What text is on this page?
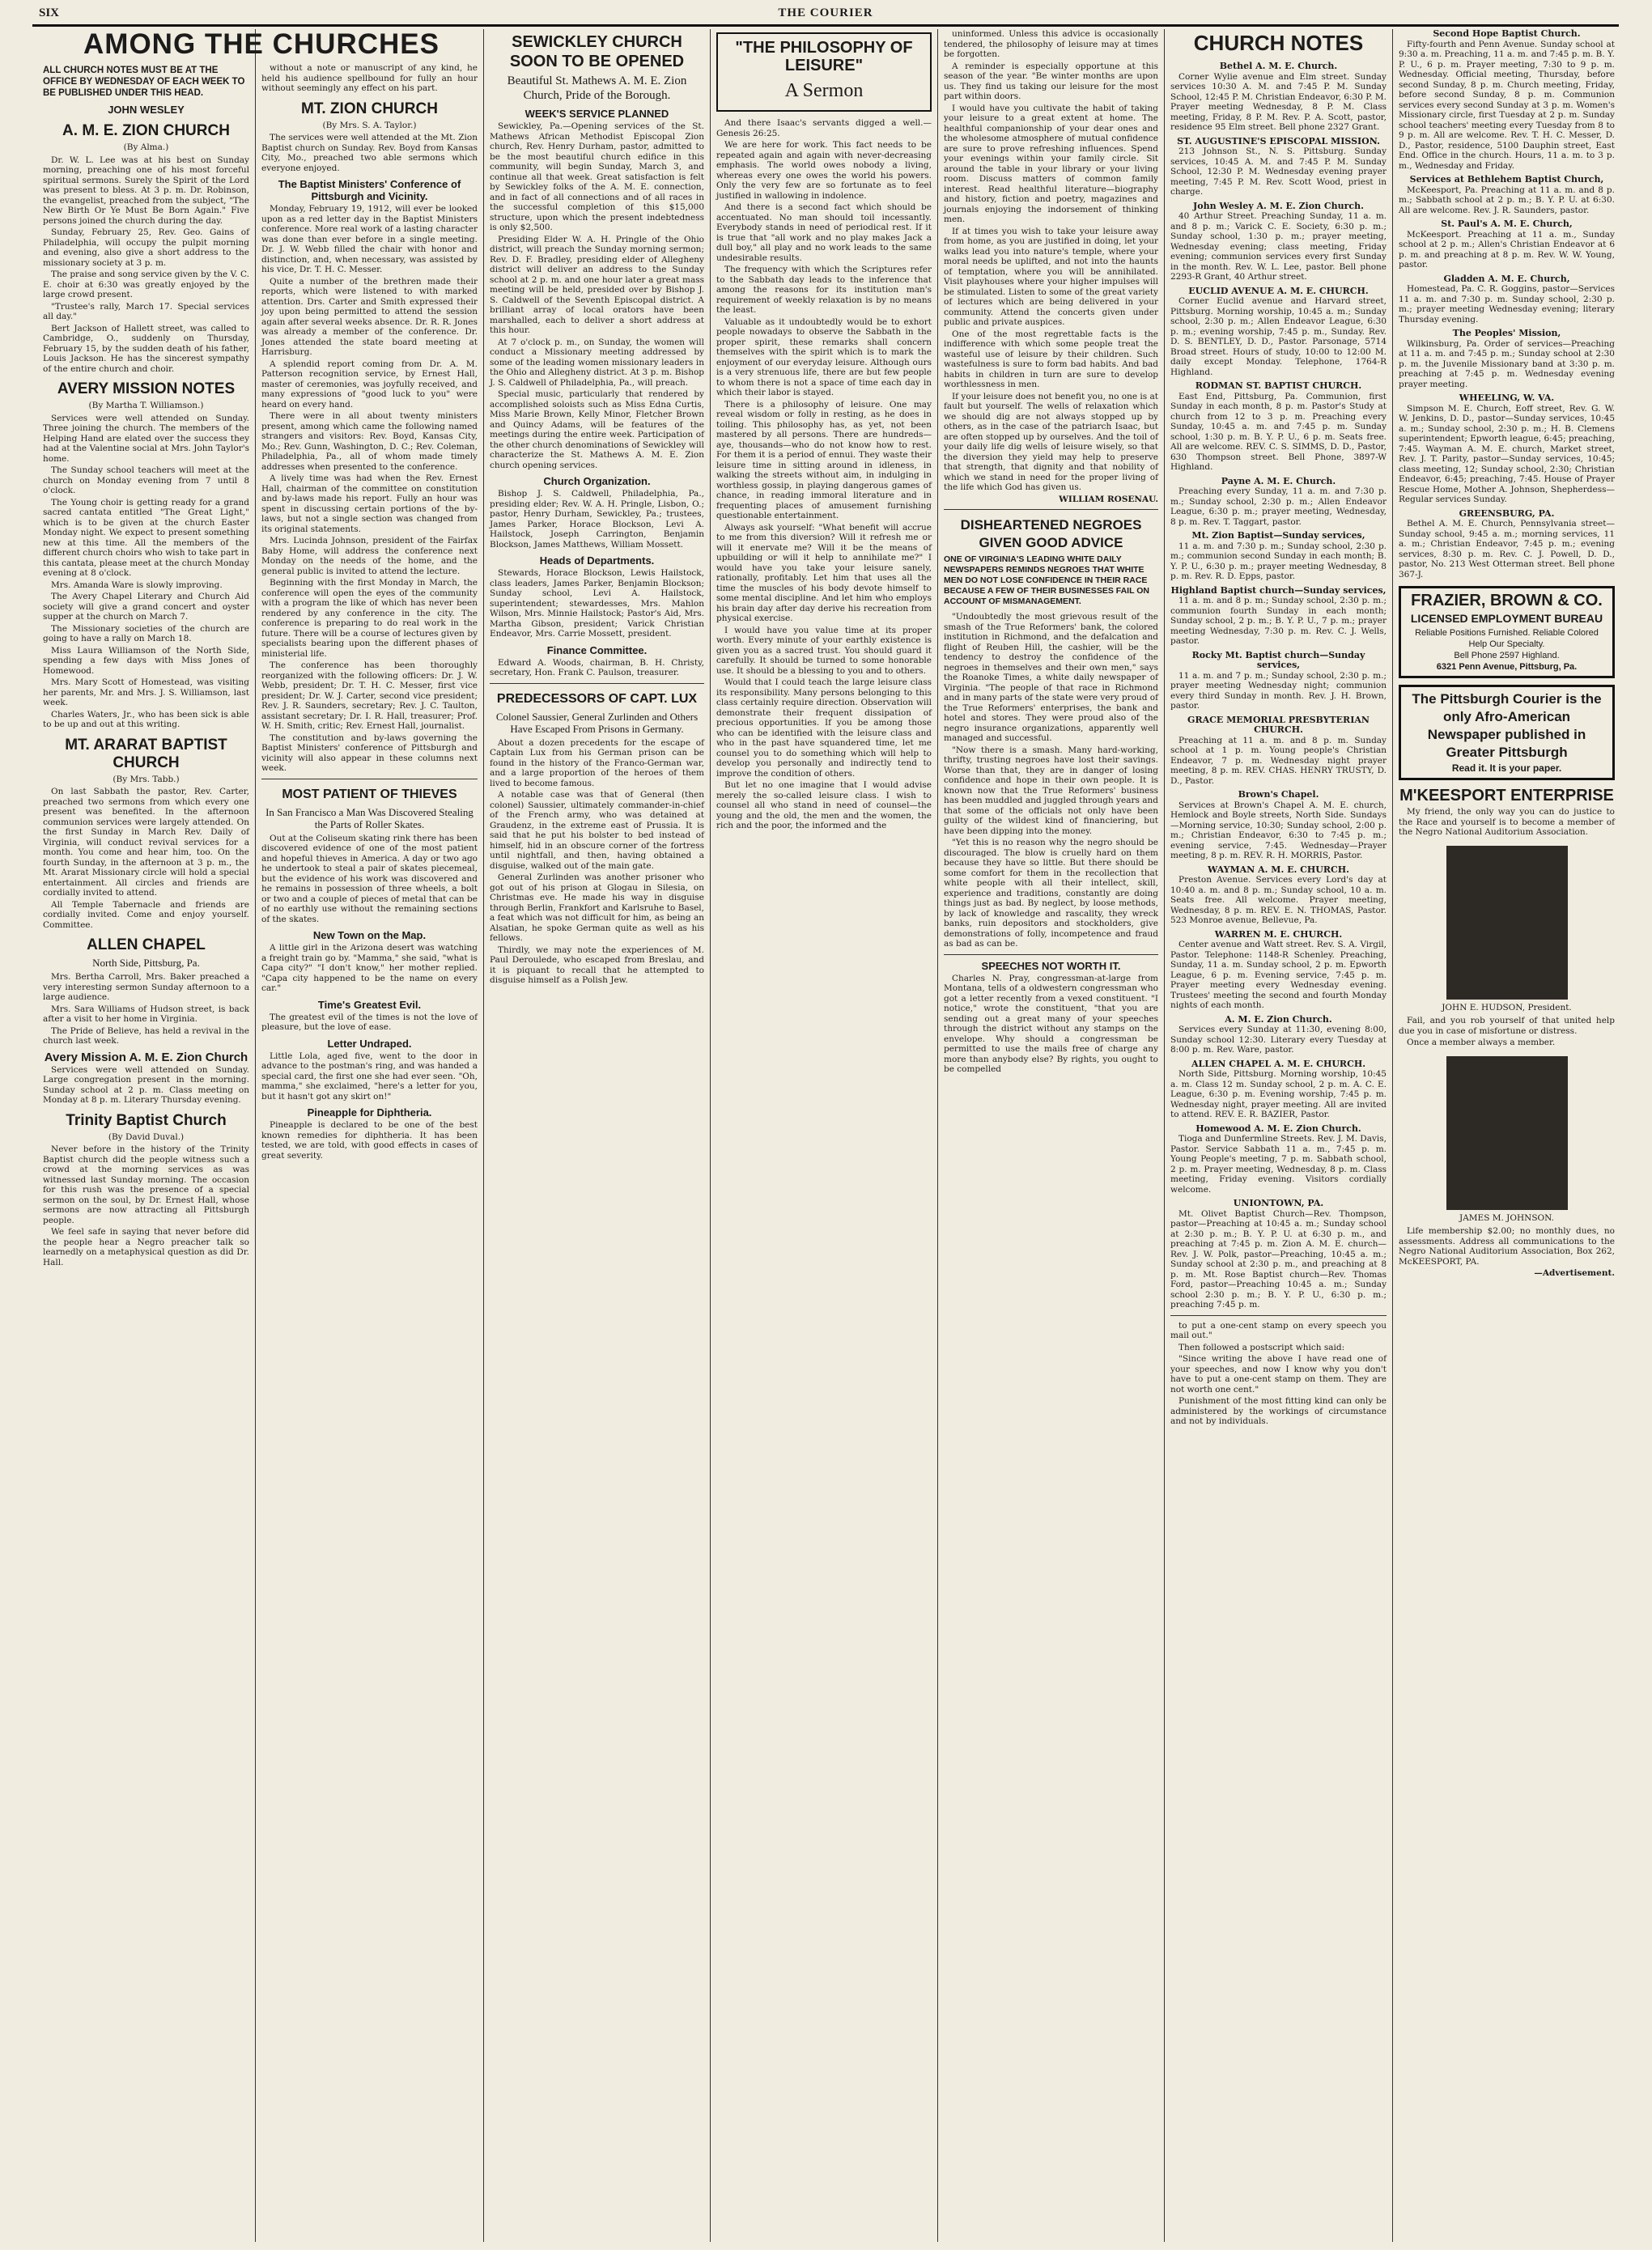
SIX	THE COURIER
AMONG THE CHURCHES
ALL CHURCH NOTES MUST BE AT THE OFFICE BY WEDNESDAY OF EACH WEEK TO BE PUBLISHED UNDER THIS HEAD.
JOHN WESLEY
A. M. E. ZION CHURCH
(By Alma.)

Dr. W. L. Lee was at his best on Sunday morning, preaching one of his most forceful spiritual sermons. Surely the Spirit of the Lord was present to bless. At 3 p. m. Dr. Robinson, the evangelist, preached from the subject, "The New Birth Or Ye Must Be Born Again." Five persons joined the church during the day.

Sunday, February 25, Rev. Geo. Gains of Philadelphia, will occupy the pulpit morning and evening, also give a short address to the missionary society at 3 p. m.

The praise and song service given by the V. C. E. choir at 6:30 was greatly enjoyed by the large crowd present.

"Trustee's rally, March 17. Special services all day."

Bert Jackson of Hallett street, was called to Cambridge, O., suddenly on Thursday, February 15, by the sudden death of his father, Louis Jackson. He has the sincerest sympathy of the entire church and choir.

AVERY MISSION NOTES
(By Martha T. Williamson.)

Services were well attended on Sunday. Three joining the church. The members of the Helping Hand are elated over the success they had at the Valentine social at Mrs. John Taylor's home.

The Sunday school teachers will meet at the church on Monday evening from 7 until 8 o'clock.

The Young choir is getting ready for a grand sacred cantata entitled "The Great Light," which is to be given at the church Easter Monday night. We expect to present something new at this time. All the members of the different church choirs who wish to take part in this cantata, please meet at the church Monday evening at 8 o'clock.

Mrs. Amanda Ware is slowly improving.

The Avery Chapel Literary and Church Aid society will give a grand concert and oyster supper at the church on March 7.

The Missionary societies of the church are going to have a rally on March 18.

Miss Laura Williamson of the North Side, spending a few days with Miss Jones of Homewood.

Mrs. Mary Scott of Homestead, was visiting her parents, Mr. and Mrs. J. S. Williamson, last week.

Charles Waters, Jr., who has been sick is able to be up and out at this writing.

MT. ARARAT BAPTIST CHURCH
(By Mrs. Tabb.)

On last Sabbath the pastor, Rev. Carter, preached two sermons from which every one present was benefited. In the afternoon communion services were largely attended. On the first Sunday in March Rev. Daily of Virginia, will conduct revival services for a month. You come and hear him, too. On the fourth Sunday, in the afternoon at 3 p. m., the Mt. Ararat Missionary circle will hold a special entertainment. All circles and friends are cordially invited to attend.

All Temple Tabernacle and friends are cordially invited. Come and enjoy yourself. Committee.

ALLEN CHAPEL
North Side, Pittsburg, Pa.

Mrs. Bertha Carroll, Mrs. Baker preached a very interesting sermon Sunday afternoon to a large audience.

Mrs. Sara Williams of Hudson street, is back after a visit to her home in Virginia.

The Pride of Believe, has held a revival in the church last week.

Avery Mission A. M. E. Zion Church

Services were well attended on Sunday. Large congregation present in the morning. Sunday school at 2 p. m. Class meeting on Monday at 8 p. m. Literary Thursday evening.

Trinity Baptist Church
(By David Duval.)

Never before in the history of the Trinity Baptist church did the people witness such a crowd at the morning services as was witnessed last Sunday morning. The occasion for this rush was the presence of a special sermon on the soul, by Dr. Ernest Hall, whose sermons are now attracting all Pittsburgh people.

We feel safe in saying that never before did the people hear a Negro preacher talk so learnedly on a metaphysical question as did Dr. Hall.

without a note or manuscript of any kind, he held his audience spellbound for fully an hour without seemingly any effect on his part.

MT. ZION CHURCH
(By Mrs. S. A. Taylor.)

The services were well attended at the Mt. Zion Baptist church on Sunday. Rev. Boyd from Kansas City, Mo., preached two able sermons which everyone enjoyed.

The Baptist Ministers' Conference of Pittsburgh and Vicinity.

Monday, February 19, 1912, will ever be looked upon as a red letter day in the Baptist Ministers conference. More real work of a lasting character was done than ever before in a single meeting. Dr. J. W. Webb filled the chair with honor and distinction, and, when necessary, was assisted by his vice, Dr. T. H. C. Messer.

Quite a number of the brethren made their reports, which were listened to with marked attention. Drs. Carter and Smith expressed their joy upon being permitted to attend the session again after several weeks absence. Dr. R. R. Jones was already a member of the conference. Dr. Jones attended the state board meeting at Harrisburg.

A splendid report coming from Dr. A. M. Patterson recognition service, by Ernest Hall, master of ceremonies, was joyfully received, and many expressions of "good luck to you" were heard on every hand.

There were in all about twenty ministers present, among which came the following named strangers and visitors: Rev. Boyd, Kansas City, Mo.; Rev. Gunn, Washington, D. C.; Rev. Coleman, Philadelphia, Pa., all of whom made timely addresses when presented to the conference.

A lively time was had when the Rev. Ernest Hall, chairman of the committee on constitution and by-laws made his report. Fully an hour was spent in discussing certain portions of the by-laws, but not a single section was changed from its original statements.

Mrs. Lucinda Johnson, president of the Fairfax Baby Home, will address the conference next Monday on the needs of the home, and the general public is invited to attend the lecture.

Beginning with the first Monday in March, the conference will open the eyes of the community with a program the like of which has never been rendered by any conference in the city. The conference is preparing to do real work in the future. There will be a course of lectures given by specialists bearing upon the different phases of ministerial life.

The conference has been thoroughly reorganized with the following officers: Dr. J. W. Webb, president; Dr. T. H. C. Messer, first vice president; Dr. W. J. Carter, second vice president; Rev. J. R. Saunders, secretary; Rev. J. C. Taulton, assistant secretary; Dr. I. R. Hall, treasurer; Prof. W. H. Smith, critic; Rev. Ernest Hall, journalist.

The constitution and by-laws governing the Baptist Ministers' conference of Pittsburgh and vicinity will also appear in these columns next week.

MOST PATIENT OF THIEVES
In San Francisco a Man Was Discovered Stealing the Parts of Roller Skates.

Out at the Coliseum skating rink there has been discovered evidence of one of the most patient and hopeful thieves in America. A day or two ago he undertook to steal a pair of skates piecemeal, but the evidence of his work was discovered and he remains in possession of three wheels, a bolt or two and a couple of pieces of metal that can be of no earthly use without the remaining sections of the skates.

New Town on the Map.

A little girl in the Arizona desert was watching a freight train go by. "Mamma," she said, "what is Capa city?" "I don't know," her mother replied. "Capa city happened to be the name on every car."

Time's Greatest Evil.

The greatest evil of the times is not the love of pleasure, but the love of ease.

Letter Undraped.

Little Lola, aged five, went to the door in advance to the postman's ring, and was handed a special card, the first one she had ever seen. "Oh, mamma," she exclaimed, "here's a letter for you, but it hasn't got any skirt on!"

Pineapple for Diphtheria.

Pineapple is declared to be one of the best known remedies for diphtheria. It has been tested, we are told, with good effects in cases of great severity.

SEWICKLEY CHURCH SOON TO BE OPENED
Beautiful St. Mathews A. M. E. Zion Church, Pride of the Borough.
WEEK'S SERVICE PLANNED

Sewickley, Pa.—Opening services of the St. Mathews African Methodist Episcopal Zion church, Rev. Henry Durham, pastor, admitted to be the most beautiful church edifice in this community, will begin Sunday, March 3, and continue all that week. Great satisfaction is felt by Sewickley folks of the A. M. E. connection, and in fact of all connections and of all races in the successful completion of this $15,000 structure, upon which the present indebtedness is only $2,500.

Presiding Elder W. A. H. Pringle of the Ohio district, will preach the Sunday morning sermon; Rev. D. F. Bradley, presiding elder of Allegheny district will deliver an address to the Sunday school at 2 p. m. and one hour later a great mass meeting will be held, presided over by Bishop J. S. Caldwell of the Seventh Episcopal district. A brilliant array of local orators have been marshalled, each to deliver a short address at this hour.

At 7 o'clock p. m., on Sunday, the women will conduct a Missionary meeting addressed by some of the leading women missionary leaders in the Ohio and Allegheny district. At 3 p. m. Bishop J. S. Caldwell of Philadelphia, Pa., will preach.

Special music, particularly that rendered by accomplished soloists such as Miss Edna Curtis, Miss Marie Brown, Kelly Minor, Fletcher Brown and Quincy Adams, will be features of the meetings during the entire week. Participation of the other church denominations of Sewickley will characterize the St. Mathews A. M. E. Zion church opening services.

Church Organization.

Bishop J. S. Caldwell, Philadelphia, Pa., presiding elder; Rev. W. A. H. Pringle, Lisbon, O.; pastor, Henry Durham, Sewickley, Pa.; trustees, James Parker, Horace Blockson, Levi A. Hailstock, Joseph Carrington, Benjamin Blockson, James Matthews, William Mossett.

Heads of Departments.

Stewards, Horace Blockson, Lewis Hailstock, class leaders, James Parker, Benjamin Blockson; Sunday school, Levi A. Hailstock, superintendent; stewardesses, Mrs. Mahlon Wilson, Mrs. Minnie Hailstock; Pastor's Aid, Mrs. Martha Gibson, president; Varick Christian Endeavor, Mrs. Carrie Mossett, president.

Finance Committee.

Edward A. Woods, chairman, B. H. Christy, secretary, Hon. Frank C. Paulson, treasurer.

PREDECESSORS OF CAPT. LUX
Colonel Saussier, General Zurlinden and Others Have Escaped From Prisons in Germany.

About a dozen precedents for the escape of Captain Lux from his German prison can be found in the history of the Franco-German war, and a large proportion of the heroes of them lived to become famous.

A notable case was that of General (then colonel) Saussier, ultimately commander-in-chief of the French army, who was detained at Graudenz, in the extreme east of Prussia. It is said that he put his bolster to bed instead of himself, hid in an obscure corner of the fortress until nightfall, and then, having obtained a disguise, walked out of the main gate.

General Zurlinden was another prisoner who got out of his prison at Glogau in Silesia, on Christmas eve. He made his way in disguise through Berlin, Frankfort and Karlsruhe to Basel, a feat which was not difficult for him, as being an Alsatian, he spoke German quite as well as his fellows.

Thirdly, we may note the experiences of M. Paul Deroulede, who escaped from Breslau, and it is piquant to recall that he attempted to disguise himself as a Polish Jew.

"THE PHILOSOPHY OF LEISURE"
A Sermon

And there Isaac's servants digged a well.—Genesis 26:25.

We are here for work. This fact needs to be repeated again and again with never-decreasing emphasis. The world owes nobody a living, whereas every one owes the world his powers. Only the very few are so fortunate as to feel justified in wallowing in indolence.

And there is a second fact which should be accentuated. No man should toil incessantly. Everybody stands in need of periodical rest. If it is true that "all work and no play makes Jack a dull boy," all play and no work leads to the same undesirable results.

The frequency with which the Scriptures refer to the Sabbath day leads to the inference that among the reasons for its institution man's requirement of weekly relaxation is by no means the least.

Valuable as it undoubtedly would be to exhort people nowadays to observe the Sabbath in the proper spirit, these remarks shall concern themselves with the spirit which is to mark the enjoyment of our everyday leisure. Although ours is a very strenuous life, there are but few people to whom there is not a space of time each day in which their labor is stayed.

There is a philosophy of leisure. One may reveal wisdom or folly in resting, as he does in toiling. This philosophy has, as yet, not been mastered by all persons. There are hundreds—aye, thousands—who do not know how to rest. For them it is a period of ennui. They waste their leisure time in sitting around in idleness, in walking the streets without aim, in indulging in worthless gossip, in playing dangerous games of chance, in reading immoral literature and in frequenting places of amusement furnishing questionable entertainment.

Always ask yourself: "What benefit will accrue to me from this diversion? Will it refresh me or will it enervate me? Will it be the means of upbuilding or will it help to annihilate me?" I would have you take your leisure sanely, rationally, profitably. Let him that uses all the time the muscles of his body devote himself to some mental discipline. And let him who employs his brain day after day derive his recreation from physical exercise.

I would have you value time at its proper worth. Every minute of your earthly existence is given you as a sacred trust. You should guard it carefully. It should be turned to some honorable use. It should be a blessing to you and to others.

Would that I could teach the large leisure class its responsibility. Many persons belonging to this class certainly require direction. Observation will demonstrate their frequent dissipation of precious opportunities. If you be among those who can be identified with the leisure class and who in the past have squandered time, let me counsel you to do something which will help to develop you personally and indirectly tend to improve the condition of others.

But let no one imagine that I would advise merely the so-called leisure class. I wish to counsel all who stand in need of counsel—the young and the old, the men and the women, the rich and the poor, the informed and the

uninformed. Unless this advice is occasionally tendered, the philosophy of leisure may at times be forgotten.

A reminder is especially opportune at this season of the year. "Be winter months are upon us. They find us taking our leisure for the most part within doors.

I would have you cultivate the habit of taking your leisure to a great extent at home. The healthful companionship of your dear ones and the wholesome atmosphere of mutual confidence are sure to prove refreshing influences. Spend your evenings within your family circle. Sit around the table in your library or your living room. Discuss matters of common family interest. Read healthful literature—biography and history, fiction and poetry, magazines and journals enjoying the indorsement of thinking men.

If at times you wish to take your leisure away from home, as you are justified in doing, let your walks lead you into nature's temple, where your moral needs be uplifted, and not into the haunts of temptation, where you will be annihilated. Visit playhouses where your higher impulses will be stimulated. Listen to some of the great variety of lectures which are being delivered in your community. Attend the concerts given under public and private auspices.

One of the most regrettable facts is the indifference with which some people treat the wasteful use of leisure by their children. Such wastefulness is sure to form bad habits. And bad habits in children in turn are sure to develop worthlessness in men.

If your leisure does not benefit you, no one is at fault but yourself. The wells of relaxation which we should dig are not always stopped up by others, as in the case of the patriarch Isaac, but are often stopped up by ourselves. And the toil of your daily life dig wells of leisure wisely, so that the diversion they yield may help to preserve that strength, that dignity and that nobility of which we stand in need for the proper living of the life which God has given us.

WILLIAM ROSENAU.
DISHEARTENED NEGROES GIVEN GOOD ADVICE
ONE OF VIRGINIA'S LEADING WHITE DAILY NEWSPAPERS REMINDS NEGROES THAT WHITE MEN DO NOT LOSE CONFIDENCE IN THEIR RACE BECAUSE A FEW OF THEIR BUSINESSES FAIL ON ACCOUNT OF MISMANAGEMENT.

"Undoubtedly the most grievous result of the smash of the True Reformers' bank, the colored institution in Richmond, and the defalcation and flight of Reuben Hill, the cashier, will be the tendency to destroy the confidence of the negroes in themselves and their own men," says the Roanoke Times, a white daily newspaper of Virginia. "The people of that race in Richmond and in many parts of the state were very proud of the True Reformers' enterprises, the bank and hotel and stores. They were proud also of the negro insurance organizations, apparently well managed and successful.

"Now there is a smash. Many hard-working, thrifty, trusting negroes have lost their savings. Worse than that, they are in danger of losing confidence and hope in their own people. It is known now that the True Reformers' business has been muddled and juggled through years and that some of the officials not only have been guilty of the wildest kind of financiering, but have been dipping into the money.

"Yet this is no reason why the negro should be discouraged. The blow is cruelly hard on them because they have so little. But there should be some comfort for them in the recollection that white people with all their intellect, skill, experience and traditions, constantly are doing things just as bad. By neglect, by loose methods, by lack of knowledge and rascality, they wreck banks, ruin depositors and stockholders, give demonstrations of folly, incompetence and fraud as bad as can be.

SPEECHES NOT WORTH IT.

Charles N. Pray, congressman-at-large from Montana, tells of a oldwestern congressman who got a letter recently from a vexed constituent. "I notice," wrote the constituent, "that you are sending out a great many of your speeches through the district without any stamps on the envelope. Why should a congressman be permitted to use the mails free of charge any more than anybody else? By rights, you ought to be compelled

CHURCH NOTES
Bethel A. M. E. Church.

Corner Wylie avenue and Elm street. Sunday services 10:30 A. M. and 7:45 P. M. Sunday School, 12:45 P. M. Christian Endeavor, 6:30 P. M. Prayer meeting Wednesday, 8 P. M. Class meeting, Friday, 8 P. M. Rev. P. A. Scott, pastor, residence 95 Elm street. Bell phone 2327 Grant.

ST. AUGUSTINE'S EPISCOPAL MISSION.

213 Johnson St., N. S. Pittsburg. Sunday services, 10:45 A. M. and 7:45 P. M. Sunday School, 12:30 P. M. Wednesday evening prayer meeting, 7:45 P. M. Rev. Scott Wood, priest in charge.

John Wesley A. M. E. Zion Church.

40 Arthur Street. Preaching Sunday, 11 a. m. and 8 p. m.; Varick C. E. Society, 6:30 p. m.; Sunday school, 1:30 p. m.; prayer meeting, Wednesday evening; class meeting, Friday evening; communion services every first Sunday in the month. Rev. W. L. Lee, pastor. Bell phone 2293-R Grant, 40 Arthur street.

EUCLID AVENUE A. M. E. CHURCH.

Corner Euclid avenue and Harvard street, Pittsburg. Morning worship, 10:45 a. m.; Sunday school, 2:30 p. m.; Allen Endeavor League, 6:30 p. m.; evening worship, 7:45 p. m., Sunday. Rev. D. S. BENTLEY, D. D., Pastor. Parsonage, 5714 Broad street. Hours of study, 10:00 to 12:00 M. daily except Monday. Telephone, 1764-R Highland.

RODMAN ST. BAPTIST CHURCH.

East End, Pittsburg, Pa. Communion, first Sunday in each month, 8 p. m. Pastor's Study at church from 12 to 3 p. m. Preaching every Sunday, 10:45 a. m. and 7:45 p. m. Sunday school, 1:30 p. m. B. Y. P. U., 6 p. m. Seats free. All are welcome. REV. C. S. SIMMS, D. D., Pastor, 630 Thompson street. Bell Phone, 3897-W Highland.

Payne A. M. E. Church.

Preaching every Sunday, 11 a. m. and 7:30 p. m.; Sunday school, 2:30 p. m.; Allen Endeavor League, 6:30 p. m.; prayer meeting, Wednesday, 8 p. m. Rev. T. Taggart, pastor.

Mt. Zion Baptist—Sunday services,

11 a. m. and 7:30 p. m.; Sunday school, 2:30 p. m.; communion second Sunday in each month; B. Y. P. U., 6:30 p. m.; prayer meeting Wednesday, 8 p. m. Rev. R. D. Epps, pastor.

Highland Baptist church—Sunday services,

11 a. m. and 8 p. m.; Sunday school, 2:30 p. m.; communion fourth Sunday in each month; Sunday school, 2 p. m.; B. Y. P. U., 7 p. m.; prayer meeting Wednesday, 7:30 p. m. Rev. C. J. Wells, pastor.

Rocky Mt. Baptist church—Sunday services,

11 a. m. and 7 p. m.; Sunday school, 2:30 p. m.; prayer meeting Wednesday night; communion every third Sunday in month. Rev. J. H. Brown, pastor.

GRACE MEMORIAL PRESBYTERIAN CHURCH.

Preaching at 11 a. m. and 8 p. m. Sunday school at 1 p. m. Young people's Christian Endeavor, 7 p. m. Wednesday night prayer meeting, 8 p. m. REV. CHAS. HENRY TRUSTY, D. D., Pastor.

Brown's Chapel.

Services at Brown's Chapel A. M. E. church, Hemlock and Boyle streets, North Side. Sundays—Morning service, 10:30; Sunday school, 2:00 p. m.; Christian Endeavor, 6:30 to 7:45 p. m.; evening service, 7:45. Wednesday—Prayer meeting, 8 p. m. REV. R. H. MORRIS, Pastor.

WAYMAN A. M. E. CHURCH.

Preston Avenue. Services every Lord's day at 10:40 a. m. and 8 p. m.; Sunday school, 10 a. m. Seats free. All welcome. Prayer meeting, Wednesday, 8 p. m. REV. E. N. THOMAS, Pastor. 523 Monroe avenue, Bellevue, Pa.

WARREN M. E. CHURCH.

Center avenue and Watt street. Rev. S. A. Virgil, Pastor. Telephone: 1148-R Schenley. Preaching, Sunday, 11 a. m. Sunday school, 2 p. m. Epworth League, 6 p. m. Evening service, 7:45 p. m. Prayer meeting every Wednesday evening. Trustees' meeting the second and fourth Monday nights of each month.

A. M. E. Zion Church.

Services every Sunday at 11:30, evening 8:00, Sunday school 12:30. Literary every Tuesday at 8:00 p. m. Rev. Ware, pastor.

ALLEN CHAPEL A. M. E. CHURCH.

North Side, Pittsburg. Morning worship, 10:45 a. m. Class 12 m. Sunday school, 2 p. m. A. C. E. League, 6:30 p. m. Evening worship, 7:45 p. m. Wednesday night, prayer meeting. All are invited to attend. REV. E. R. BAZIER, Pastor.

Homewood A. M. E. Zion Church.

Tioga and Dunfermline Streets. Rev. J. M. Davis, Pastor. Service Sabbath 11 a. m., 7:45 p. m. Young People's meeting, 7 p. m. Sabbath school, 2 p. m. Prayer meeting, Wednesday, 8 p. m. Class meeting, Friday evening. Visitors cordially welcome.

UNIONTOWN, PA.

Mt. Olivet Baptist Church—Rev. Thompson, pastor—Preaching at 10:45 a. m.; Sunday school at 2:30 p. m.; B. Y. P. U. at 6:30 p. m., and preaching at 7:45 p. m. Zion A. M. E. church—Rev. J. W. Polk, pastor—Preaching, 10:45 a. m.; Sunday school at 2:30 p. m., and preaching at 8 p. m. Mt. Rose Baptist church—Rev. Thomas Ford, pastor—Preaching 10:45 a. m.; Sunday school 2:30 p. m.; B. Y. P. U., 6:30 p. m.; preaching 7:45 p. m.

to put a one-cent stamp on every speech you mail out."

Then followed a postscript which said:

"Since writing the above I have read one of your speeches, and now I know why you don't have to put a one-cent stamp on them. They are not worth one cent."

Punishment of the most fitting kind can only be administered by the workings of circumstance and not by individuals.

Second Hope Baptist Church.

Fifty-fourth and Penn Avenue. Sunday school at 9:30 a. m. Preaching, 11 a. m. and 7:45 p. m. B. Y. P. U., 6 p. m. Prayer meeting, 7:30 to 9 p. m. Wednesday. Official meeting, Thursday, before second Sunday, 8 p. m. Church meeting, Friday, before second Sunday, 8 p. m. Communion services every second Sunday at 3 p. m. Women's Missionary circle, first Tuesday at 2 p. m. Sunday school teachers' meeting every Tuesday from 8 to 9 p. m. All are welcome. Rev. T. H. C. Messer, D. D., Pastor, residence, 5100 Dauphin street, East End. Office in the church. Hours, 11 a. m. to 3 p. m., Wednesday and Friday.

Services at Bethlehem Baptist Church,

McKeesport, Pa. Preaching at 11 a. m. and 8 p. m.; Sabbath school at 2 p. m.; B. Y. P. U. at 6:30. All are welcome. Rev. J. R. Saunders, pastor.

St. Paul's A. M. E. Church,

McKeesport. Preaching at 11 a. m., Sunday school at 2 p. m.; Allen's Christian Endeavor at 6 p. m. and preaching at 8 p. m. Rev. W. W. Young, pastor.

Gladden A. M. E. Church,

Homestead, Pa. C. R. Goggins, pastor—Services 11 a. m. and 7:30 p. m. Sunday school, 2:30 p. m.; prayer meeting Wednesday evening; literary Thursday evening.

The Peoples' Mission,

Wilkinsburg, Pa. Order of services—Preaching at 11 a. m. and 7:45 p. m.; Sunday school at 2:30 p. m. the Juvenile Missionary band at 3:30 p. m. preaching at 7:45 p. m. Wednesday evening prayer meeting.

WHEELING, W. VA.

Simpson M. E. Church, Eoff street, Rev. G. W. W. Jenkins, D. D., pastor—Sunday services, 10:45 a. m.; Sunday school, 2:30 p. m.; H. B. Clemens superintendent; Epworth league, 6:45; preaching, 7:45. Wayman A. M. E. church, Market street, Rev. J. T. Parity, pastor—Sunday services, 10:45; class meeting, 12; Sunday school, 2:30; Christian Endeavor, 6:45; preaching, 7:45. House of Prayer Rescue Home, Mother A. Johnson, Shepherdess—Regular services Sunday.

GREENSBURG, PA.

Bethel A. M. E. Church, Pennsylvania street—Sunday school, 9:45 a. m.; morning services, 11 a. m.; Christian Endeavor, 7:45 p. m.; evening services, 8:30 p. m. Rev. C. J. Powell, D. D., pastor, No. 213 West Otterman street. Bell phone 367-J.

FRAZIER, BROWN & CO.
LICENSED EMPLOYMENT BUREAU
Reliable Positions Furnished. Reliable Colored Help Our Specialty.
Bell Phone 2597 Highland.
6321 Penn Avenue, Pittsburg, Pa.
The Pittsburgh Courier is the only Afro-American Newspaper published in Greater Pittsburgh
Read it. It is your paper.
M'KEESPORT ENTERPRISE

My friend, the only way you can do justice to the Race and yourself is to become a member of the Negro National Auditorium Association.

JOHN E. HUDSON, President.

Fail, and you rob yourself of that united help due you in case of misfortune or distress.

Once a member always a member.

JAMES M. JOHNSON.

Life membership $2.00; no monthly dues, no assessments. Address all communications to the Negro National Auditorium Association, Box 262, McKEESPORT, PA.

—Advertisement.
